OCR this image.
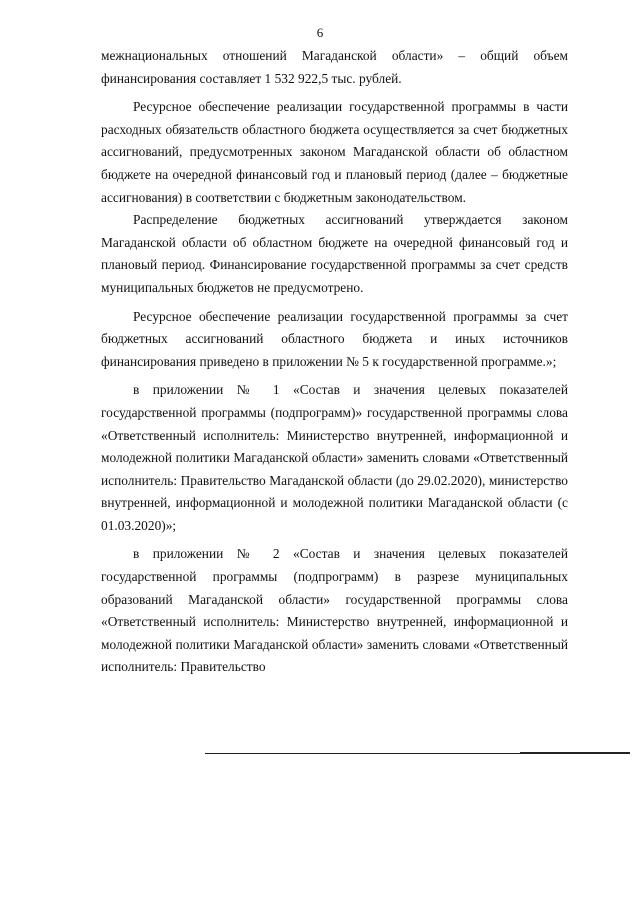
6

межнациональных отношений Магаданской области» – общий объем финансирования составляет 1 532 922,5 тыс. рублей.

Ресурсное обеспечение реализации государственной программы в части расходных обязательств областного бюджета осуществляется за счет бюджетных ассигнований, предусмотренных законом Магаданской области об областном бюджете на очередной финансовый год и плановый период (далее – бюджетные ассигнования) в соответствии с бюджетным законодательством.

Распределение бюджетных ассигнований утверждается законом Магаданской области об областном бюджете на очередной финансовый год и плановый период. Финансирование государственной программы за счет средств муниципальных бюджетов не предусмотрено.

Ресурсное обеспечение реализации государственной программы за счет бюджетных ассигнований областного бюджета и иных источников финансирования приведено в приложении № 5 к государственной программе.»;

в приложении № 1 «Состав и значения целевых показателей государственной программы (подпрограмм)» государственной программы слова «Ответственный исполнитель: Министерство внутренней, информационной и молодежной политики Магаданской области» заменить словами «Ответственный исполнитель: Правительство Магаданской области (до 29.02.2020), министерство внутренней, информационной и молодежной политики Магаданской области (с 01.03.2020)»;

в приложении № 2 «Состав и значения целевых показателей государственной программы (подпрограмм) в разрезе муниципальных образований Магаданской области» государственной программы слова «Ответственный исполнитель: Министерство внутренней, информационной и молодежной политики Магаданской области» заменить словами «Ответственный исполнитель: Правительство
